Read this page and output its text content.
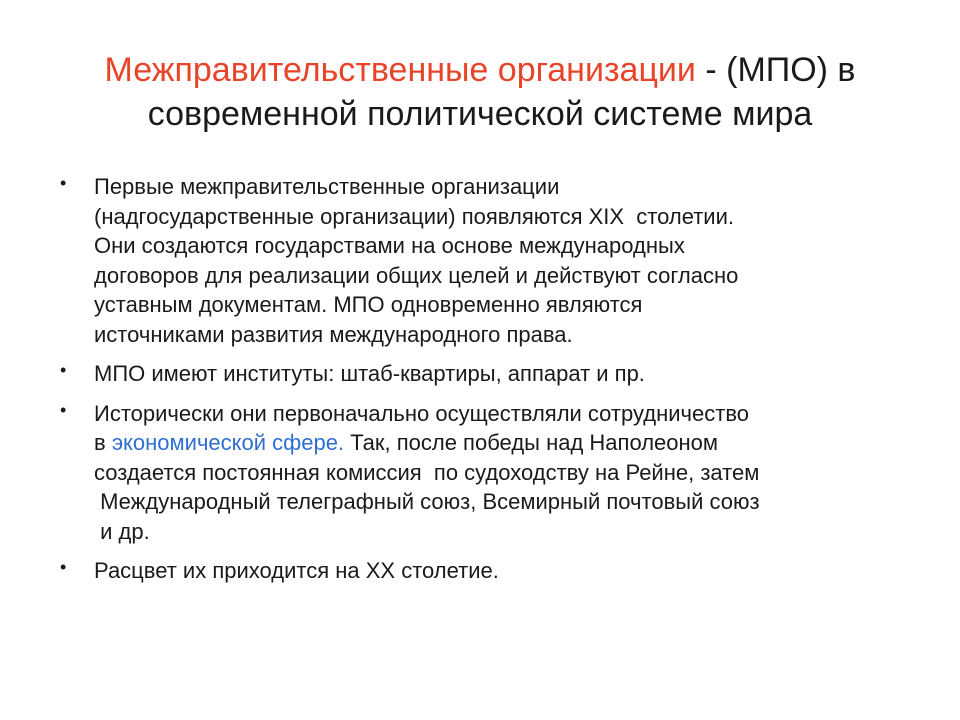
Межправительственные организации - (МПО) в
современной политической системе мира
• Первые межправительственные организации
(надгосударственные организации) появляются XIX  столетии.
Они создаются государствами на основе международных
договоров для реализации общих целей и действуют согласно
уставным документам. МПО одновременно являются
источниками развития международного права.
• МПО имеют институты: штаб-квартиры, аппарат и пр.
• Исторически они первоначально осуществляли сотрудничество
в экономической сфере. Так, после победы над Наполеоном
создается постоянная комиссия  по судоходству на Рейне, затем
Международный телеграфный союз, Всемирный почтовый союз
и др.
• Расцвет их приходится на XX столетие.
